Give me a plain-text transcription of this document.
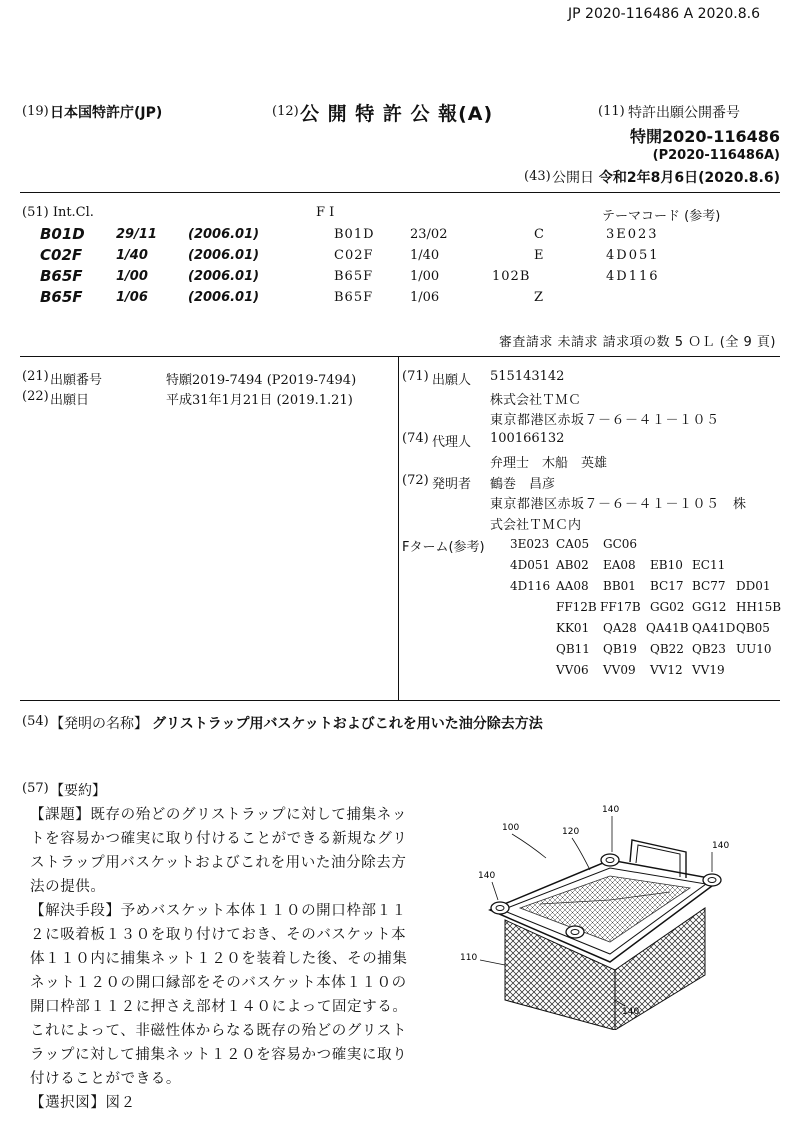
JP 2020-116486 A 2020.8.6
(19) 日本国特許庁(JP)	(12) 公 開 特 許 公 報(A)	(11) 特許出願公開番号
特開2020-116486
(P2020-116486A)
(43) 公開日 令和2年8月6日(2020.8.6)
(51) Int.Cl.	F I	テーマコード (参考)
B01D 29/11 (2006.01)	B01D	23/02	C	3E023
C02F	1/40	(2006.01)	C02F	1/40	E	4D051
B65F	1/00	(2006.01)	B65F	1/00	102B	4D116
B65F	1/06	(2006.01)	B65F	1/06	Z
審査請求 未請求 請求項の数 5 ＯＬ (全 9 頁)
(21) 出願番号	特願2019-7494 (P2019-7494)
(22) 出願日	平成31年1月21日 (2019.1.21)
(71) 出願人 515143142
株式会社ＴＭＣ
東京都港区赤坂７－６－４１－１０５
(74) 代理人 100166132
弁理士　木船　英雄
(72) 発明者 鶴巻　昌彦
東京都港区赤坂７－６－４１－１０５　株
式会社ＴＭＣ内
Fターム(参考) 3E023 CA05 GC06
4D051 AB02 EA08 EB10 EC11
4D116 AA08 BB01 BC17 BC77 DD01
FF12B FF17B GG02 GG12 HH15B
KK01 QA28 QA41B QA41D QB05
QB11 QB19 QB22 QB23 UU10
VV06 VV09 VV12 VV19
(54) 【発明の名称】 グリストラップ用バスケットおよびこれを用いた油分除去方法
(57) 【要約】
【課題】既存の殆どのグリストラップに対して捕集ネッ
トを容易かつ確実に取り付けることができる新規なグリ
ストラップ用バスケットおよびこれを用いた油分除去方
法の提供。
【解決手段】予めバスケット本体１１０の開口枠部１１
２に吸着板１３０を取り付けておき、そのバスケット本
体１１０内に捕集ネット１２０を装着した後、その捕集
ネット１２０の開口縁部をそのバスケット本体１１０の
開口枠部１１２に押さえ部材１４０によって固定する。
これによって、非磁性体からなる既存の殆どのグリスト
ラップに対して捕集ネット１２０を容易かつ確実に取り
付けることができる。
【選択図】図２
100	120
140
140
140
140
110
